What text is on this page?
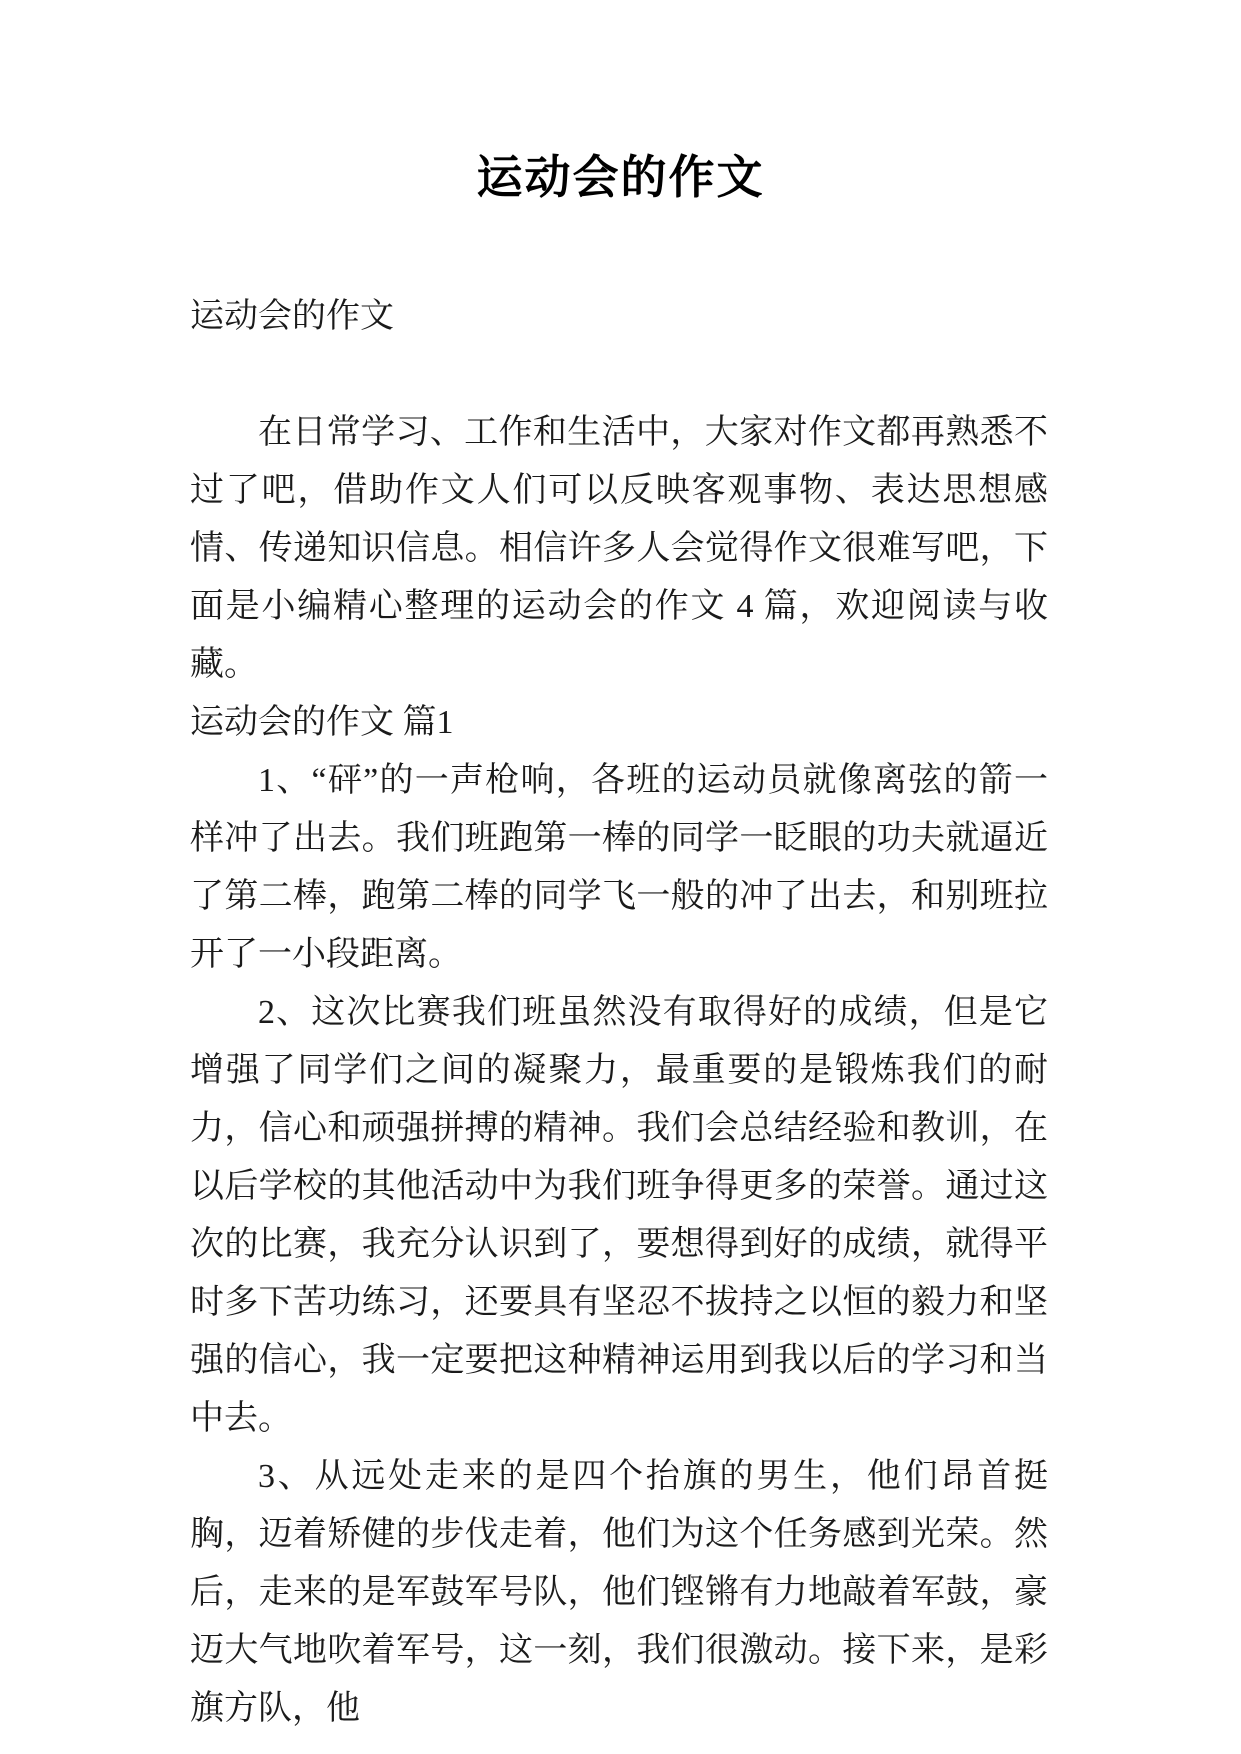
运动会的作文

运动会的作文

在日常学习、工作和生活中，大家对作文都再熟悉不过了吧，借助作文人们可以反映客观事物、表达思想感情、传递知识信息。相信许多人会觉得作文很难写吧，下面是小编精心整理的运动会的作文 4 篇，欢迎阅读与收藏。

运动会的作文 篇1

1、“砰”的一声枪响，各班的运动员就像离弦的箭一样冲了出去。我们班跑第一棒的同学一眨眼的功夫就逼近了第二棒，跑第二棒的同学飞一般的冲了出去，和别班拉开了一小段距离。

2、这次比赛我们班虽然没有取得好的成绩，但是它增强了同学们之间的凝聚力，最重要的是锻炼我们的耐力，信心和顽强拼搏的精神。我们会总结经验和教训，在以后学校的其他活动中为我们班争得更多的荣誉。通过这次的比赛，我充分认识到了，要想得到好的成绩，就得平时多下苦功练习，还要具有坚忍不拔持之以恒的毅力和坚强的信心，我一定要把这种精神运用到我以后的学习和当中去。

3、从远处走来的是四个抬旗的男生，他们昂首挺胸，迈着矫健的步伐走着，他们为这个任务感到光荣。然后，走来的是军鼓军号队，他们铿锵有力地敲着军鼓，豪迈大气地吹着军号，这一刻，我们很激动。接下来，是彩旗方队，他
